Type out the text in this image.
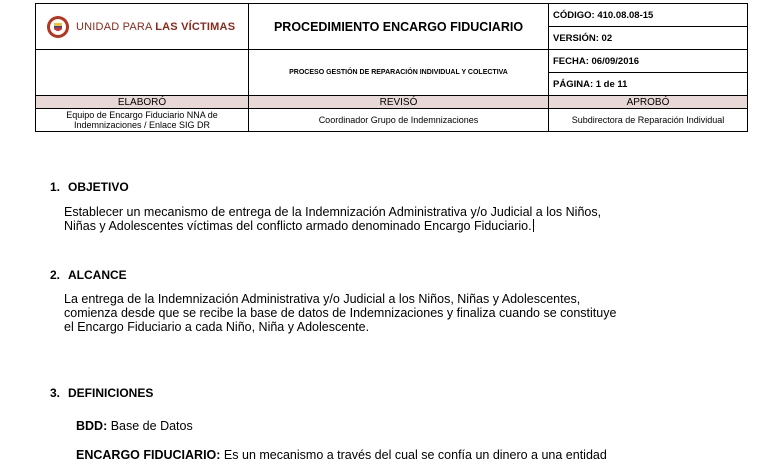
UNIDAD PARA LAS VÍCTIMAS	PROCEDIMIENTO ENCARGO FIDUCIARIO	CÓDIGO: 410.08.08-15
		VERSIÓN: 02
	PROCESO GESTIÓN DE REPARACIÓN INDIVIDUAL Y COLECTIVA	FECHA: 06/09/2016
		PÁGINA: 1 de 11
ELABORÓ	REVISÓ	APROBÓ
Equipo de Encargo Fiduciario NNA de
Indemnizaciones / Enlace SIG DR	Coordinador Grupo de Indemnizaciones	Subdirectora de Reparación Individual
1. OBJETIVO
Establecer un mecanismo de entrega de la Indemnización Administrativa y/o Judicial a los Niños,
Niñas y Adolescentes víctimas del conflicto armado denominado Encargo Fiduciario.
2. ALCANCE
La entrega de la Indemnización Administrativa y/o Judicial a los Niños, Niñas y Adolescentes,
comienza desde que se recibe la base de datos de Indemnizaciones y finaliza cuando se constituye
el Encargo Fiduciario a cada Niño, Niña y Adolescente.
3. DEFINICIONES
BDD: Base de Datos
ENCARGO FIDUCIARIO: Es un mecanismo a través del cual se confía un dinero a una entidad
